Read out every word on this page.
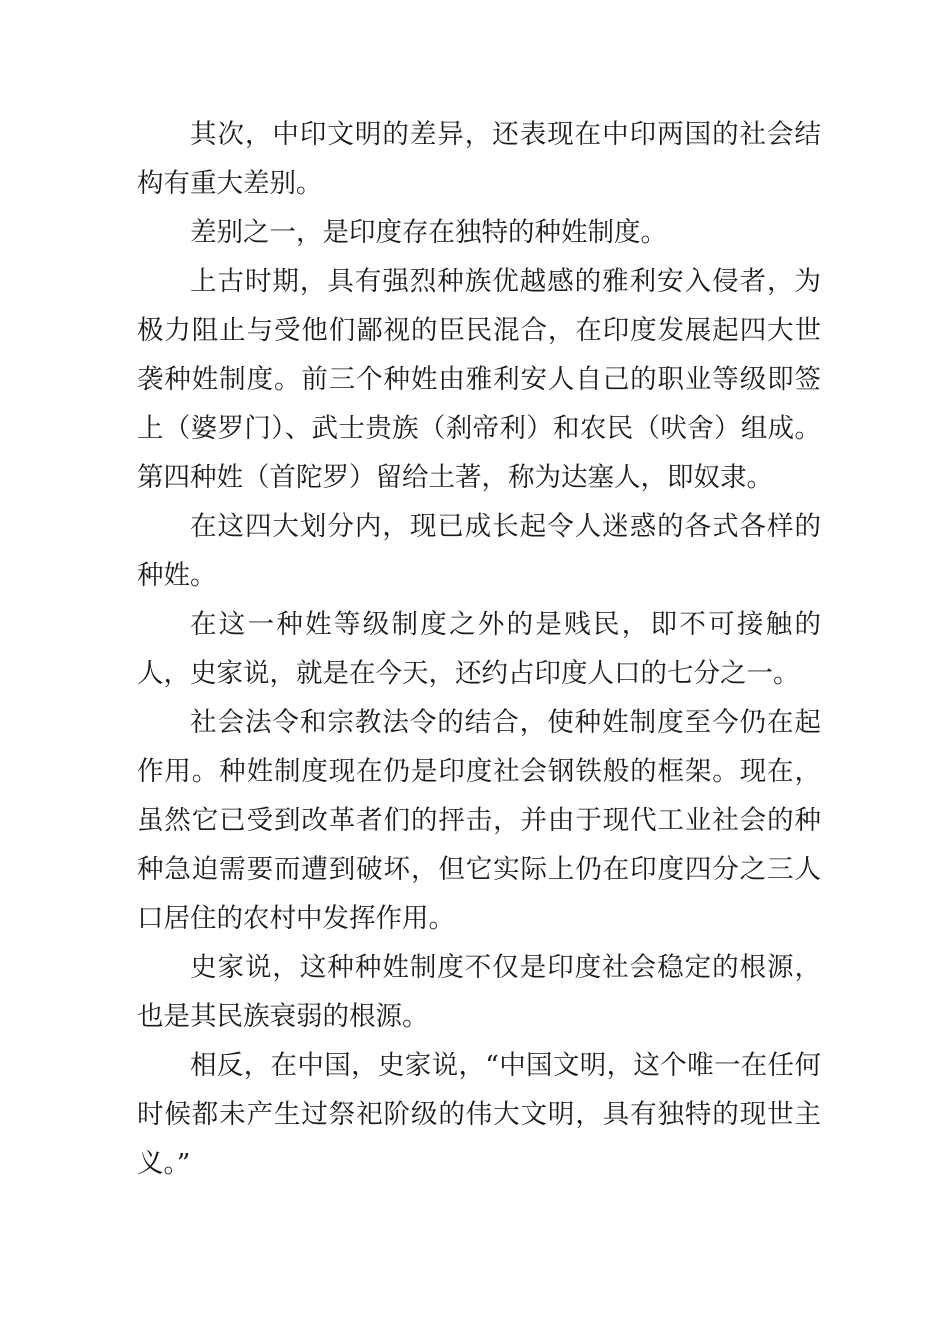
其次，中印文明的差异，还表现在中印两国的社会结构有重大差别。

差别之一，是印度存在独特的种姓制度。

上古时期，具有强烈种族优越感的雅利安入侵者，为极力阻止与受他们鄙视的臣民混合，在印度发展起四大世袭种姓制度。前三个种姓由雅利安人自己的职业等级即签上（婆罗门）、武士贵族（刹帝利）和农民（吠舍）组成。第四种姓（首陀罗）留给土著，称为达塞人，即奴隶。

在这四大划分内，现已成长起令人迷惑的各式各样的种姓。

在这一种姓等级制度之外的是贱民，即不可接触的人，史家说，就是在今天，还约占印度人口的七分之一。

社会法令和宗教法令的结合，使种姓制度至今仍在起作用。种姓制度现在仍是印度社会钢铁般的框架。现在，虽然它已受到改革者们的抨击，并由于现代工业社会的种种急迫需要而遭到破坏，但它实际上仍在印度四分之三人口居住的农村中发挥作用。

史家说，这种种姓制度不仅是印度社会稳定的根源，也是其民族衰弱的根源。

相反，在中国，史家说，“中国文明，这个唯一在任何时候都未产生过祭祀阶级的伟大文明，具有独特的现世主义。”
